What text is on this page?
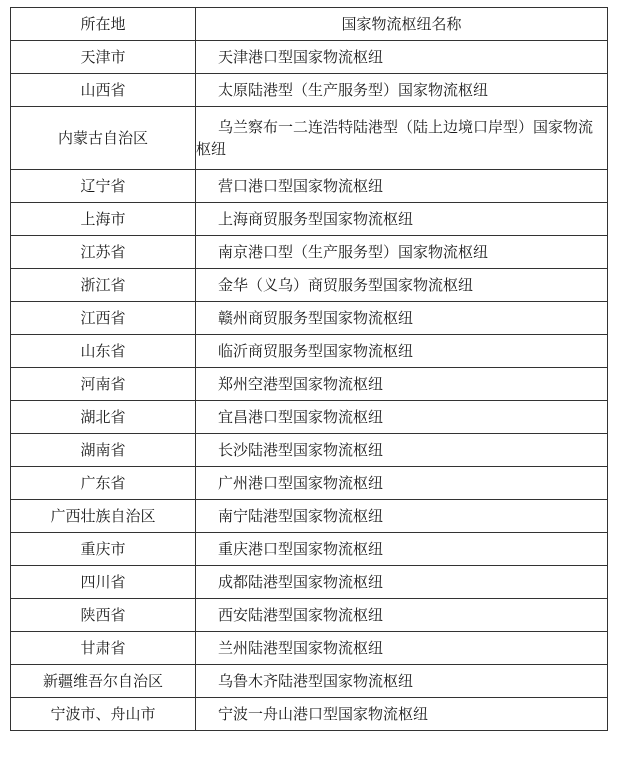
所在地	国家物流枢纽名称
天津市	天津港口型国家物流枢纽
山西省	太原陆港型（生产服务型）国家物流枢纽
内蒙古自治区	乌兰察布一二连浩特陆港型（陆上边境口岸型）国家物流枢纽
辽宁省	营口港口型国家物流枢纽
上海市	上海商贸服务型国家物流枢纽
江苏省	南京港口型（生产服务型）国家物流枢纽
浙江省	金华（义乌）商贸服务型国家物流枢纽
江西省	赣州商贸服务型国家物流枢纽
山东省	临沂商贸服务型国家物流枢纽
河南省	郑州空港型国家物流枢纽
湖北省	宜昌港口型国家物流枢纽
湖南省	长沙陆港型国家物流枢纽
广东省	广州港口型国家物流枢纽
广西壮族自治区	南宁陆港型国家物流枢纽
重庆市	重庆港口型国家物流枢纽
四川省	成都陆港型国家物流枢纽
陕西省	西安陆港型国家物流枢纽
甘肃省	兰州陆港型国家物流枢纽
新疆维吾尔自治区	乌鲁木齐陆港型国家物流枢纽
宁波市、舟山市	宁波一舟山港口型国家物流枢纽
